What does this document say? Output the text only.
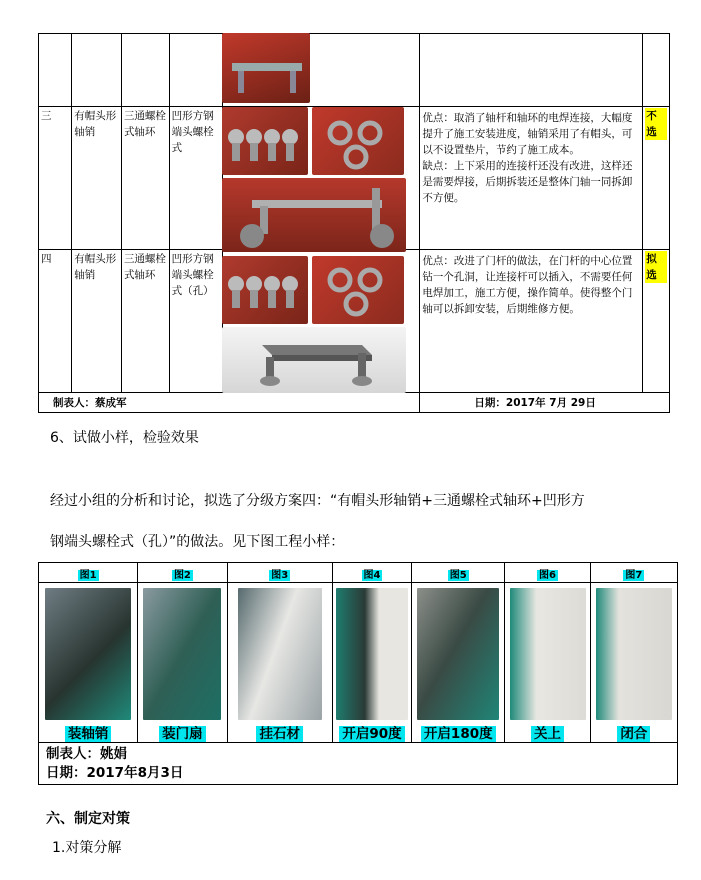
三	有帽头形轴销	三通螺栓式轴环	凹形方钢端头螺栓式		优点：取消了轴杆和轴环的电焊连接，大幅度提升了施工安装进度，轴销采用了有帽头，可以不设置垫片，节约了施工成本。
缺点：上下采用的连接杆还没有改进，这样还是需要焊接，后期拆装还是整体门轴一同拆卸不方便。	不选
四	有帽头形轴销	三通螺栓式轴环	凹形方钢端头螺栓式（孔）		优点：改进了门杆的做法，在门杆的中心位置钻一个孔洞，让连接杆可以插入，不需要任何电焊加工，施工方便，操作简单。使得整个门轴可以拆卸安装，后期维修方便。	拟选
制表人：蔡成军					日期：2017年 7月 29日	
6、试做小样，检验效果
经过小组的分析和讨论，拟选了分级方案四：“有帽头形轴销+三通螺栓式轴环+凹形方
钢端头螺栓式（孔）”的做法。见下图工程小样：
图1	图2	图3	图4	图5	图6	图7

装轴销	装门扇	挂石材	开启90度	开启180度	关上	闭合

制表人：姚娟
日期：2017年8月3日						
六、制定对策
1.对策分解
